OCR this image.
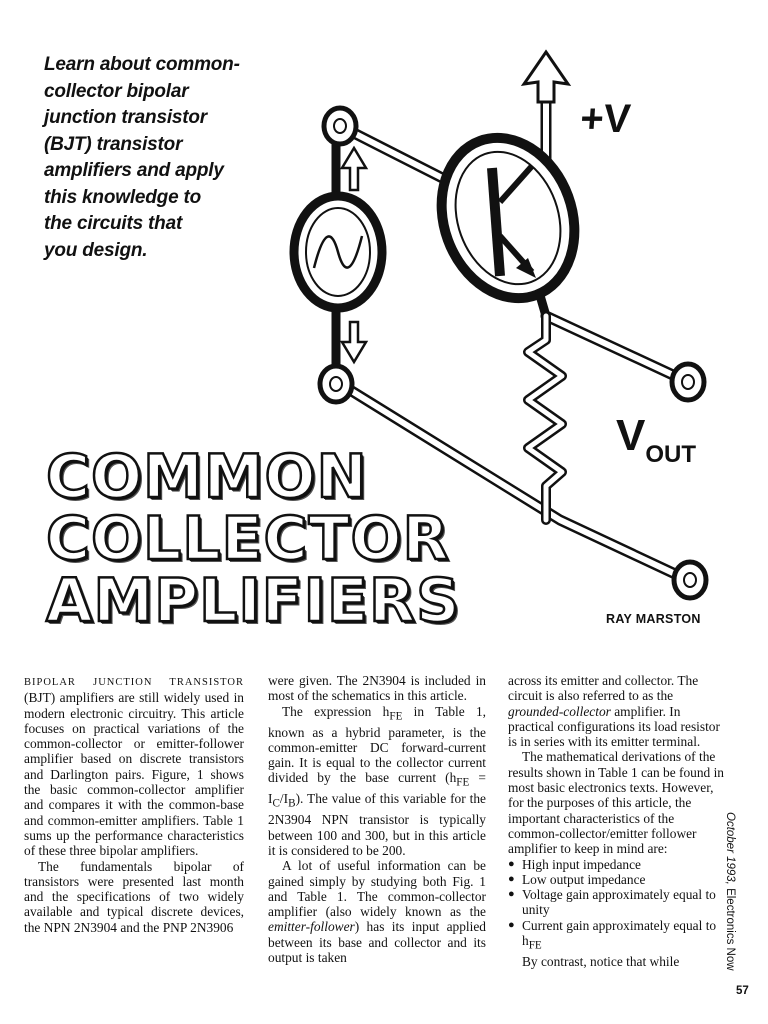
Learn about common-
collector bipolar
junction transistor
(BJT) transistor
amplifiers and apply
this knowledge to
the circuits that
you design.
+V
VOUT
COMMON
COLLECTOR
AMPLIFIERS	RAY MARSTON

BIPOLAR JUNCTION TRANSISTOR (BJT) amplifiers are still widely used in modern electronic circuitry. This article focuses on practical variations of the common-collector or emitter-follower amplifier based on discrete transistors and Darlington pairs. Figure, 1 shows the basic common-collector amplifier and compares it with the common-base and common-emitter amplifiers. Table 1 sums up the performance characteristics of these three bipolar amplifiers.

The fundamentals bipolar of transistors were presented last month and the specifications of two widely available and typical discrete devices, the NPN 2N3904 and the PNP 2N3906

were given. The 2N3904 is included in most of the schematics in this article.

The expression $h_{FE}$ in Table 1, known as a hybrid parameter, is the common-emitter DC forward-current gain. It is equal to the collector current divided by the base current $(h_{FE} = I_C/I_B)$. The value of this variable for the 2N3904 NPN transistor is typically between 100 and 300, but in this article it is considered to be 200.

A lot of useful information can be gained simply by studying both Fig. 1 and Table 1. The common-collector amplifier (also widely known as the emitter-follower) has its input applied between its base and collector and its output is taken

across its emitter and collector. The circuit is also referred to as the grounded-collector amplifier. In practical configurations its load resistor is in series with its emitter terminal.

The mathematical derivations of the results shown in Table 1 can be found in most basic electronics texts. However, for the purposes of this article, the important characteristics of the common-collector/emitter follower amplifier to keep in mind are:

● High input impedance
● Low output impedance
● Voltage gain approximately equal to unity
● Current gain approximately equal to $h_{FE}$

By contrast, notice that while

October 1993, Electronics Now
57
